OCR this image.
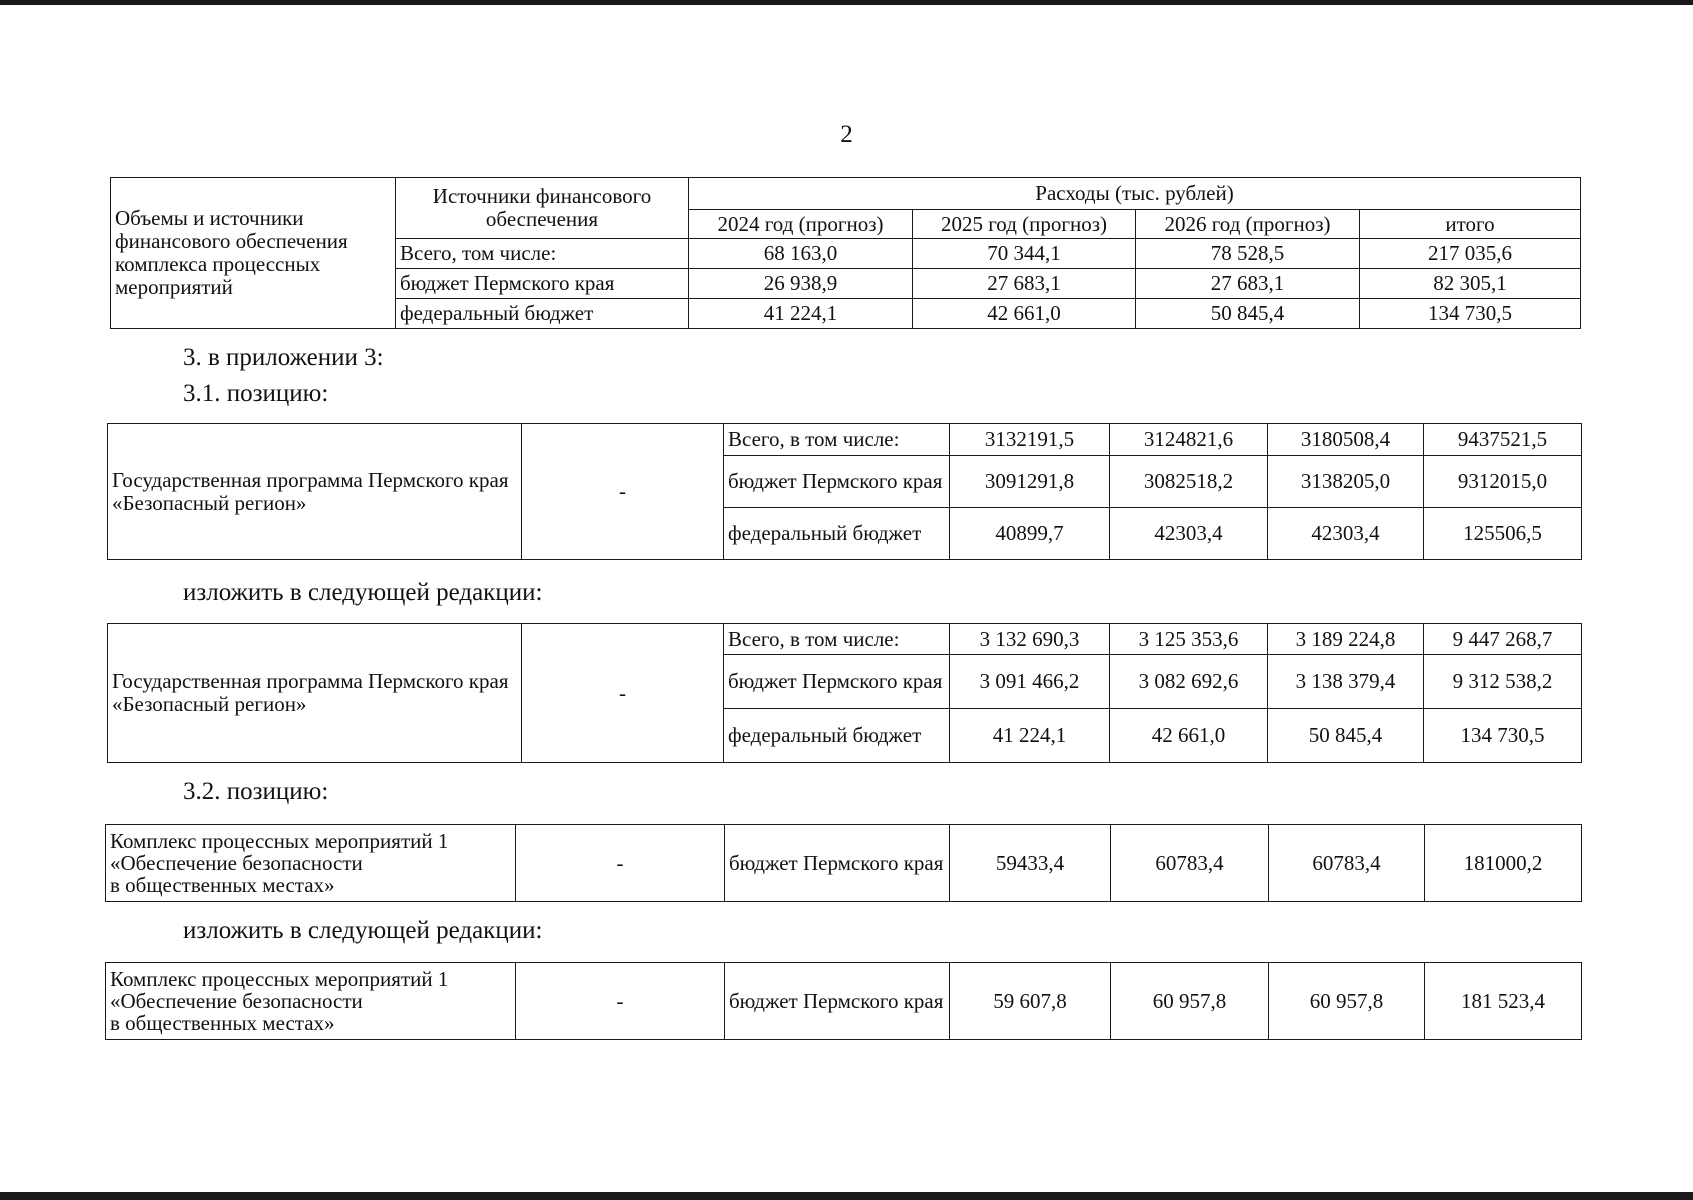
2
Объемы и источники финансового обеспечения комплекса процессных мероприятий	Источники финансового обеспечения	Расходы (тыс. рублей)			
		2024 год (прогноз)	2025 год (прогноз)	2026 год (прогноз)	итого
	Всего, том числе:	68 163,0	70 344,1	78 528,5	217 035,6
	бюджет Пермского края	26 938,9	27 683,1	27 683,1	82 305,1
	федеральный бюджет	41 224,1	42 661,0	50 845,4	134 730,5
3. в приложении 3:
3.1. позицию:
Государственная программа Пермского края «Безопасный регион»	-	Всего, в том числе:	3132191,5	3124821,6	3180508,4	9437521,5
		бюджет Пермского края	3091291,8	3082518,2	3138205,0	9312015,0
		федеральный бюджет	40899,7	42303,4	42303,4	125506,5
изложить в следующей редакции:
Государственная программа Пермского края «Безопасный регион»	-	Всего, в том числе:	3 132 690,3	3 125 353,6	3 189 224,8	9 447 268,7
		бюджет Пермского края	3 091 466,2	3 082 692,6	3 138 379,4	9 312 538,2
		федеральный бюджет	41 224,1	42 661,0	50 845,4	134 730,5
3.2. позицию:
Комплекс процессных мероприятий 1
«Обеспечение безопасности
в общественных местах»	-	бюджет Пермского края	59433,4	60783,4	60783,4	181000,2
изложить в следующей редакции:
Комплекс процессных мероприятий 1
«Обеспечение безопасности
в общественных местах»	-	бюджет Пермского края	59 607,8	60 957,8	60 957,8	181 523,4
